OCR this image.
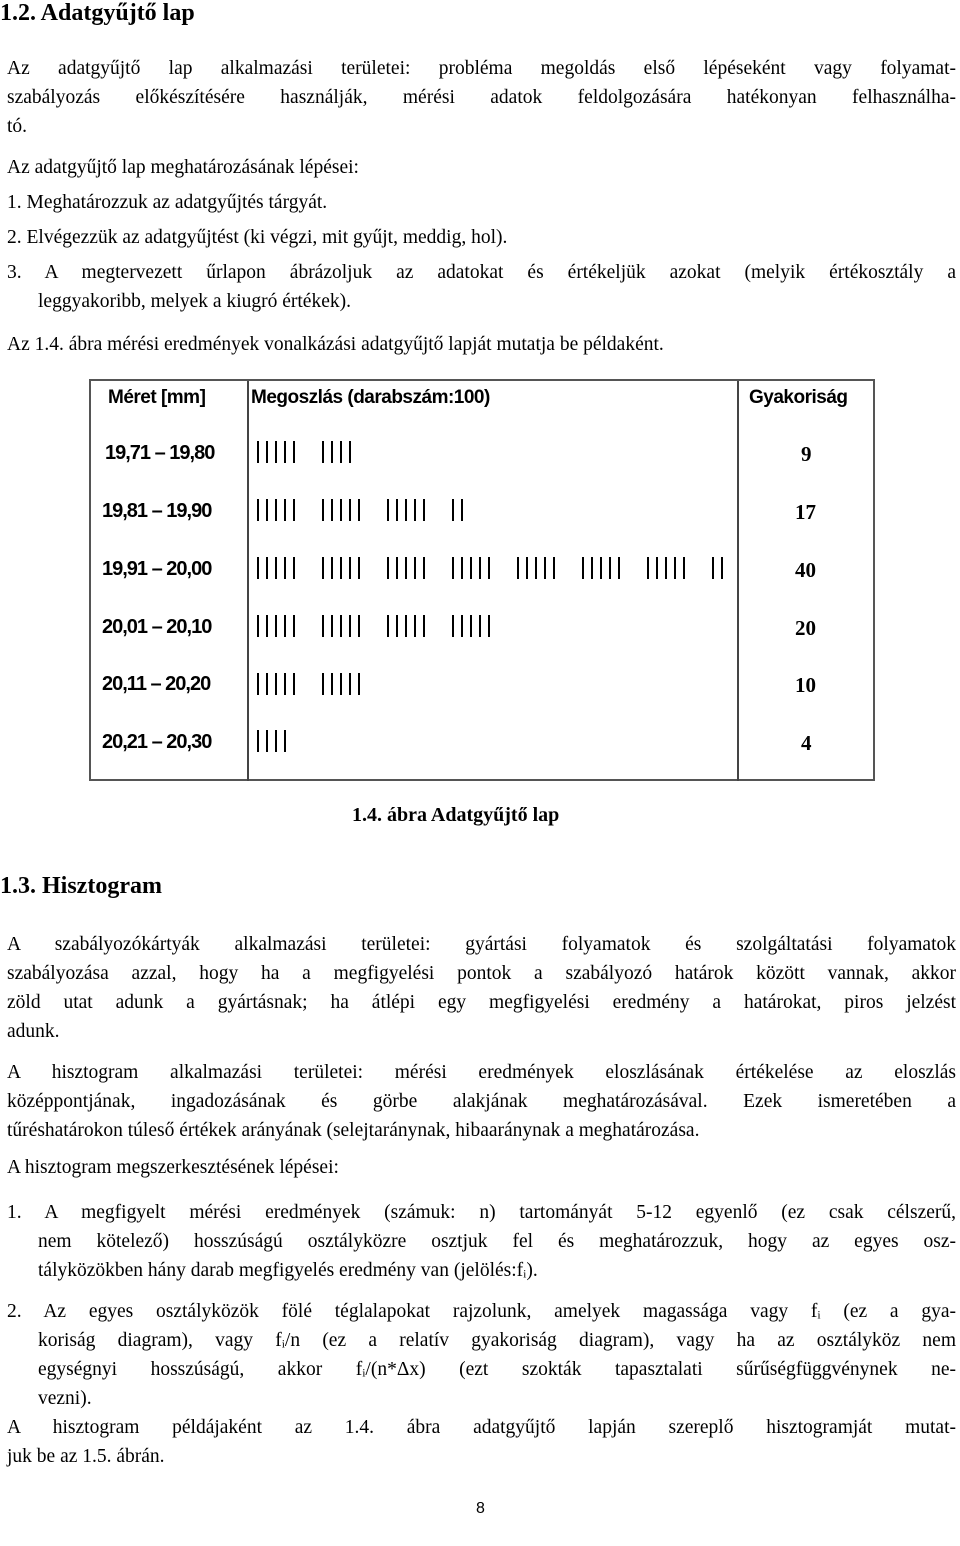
1.2. Adatgyűjtő lap
Az adatgyűjtő lap alkalmazási területei: probléma megoldás első lépéseként vagy folyamat-
szabályozás előkészítésére használják, mérési adatok feldolgozására hatékonyan felhasználha-
tó.
Az adatgyűjtő lap meghatározásának lépései:
1. Meghatározzuk az adatgyűjtés tárgyát.
2. Elvégezzük az adatgyűjtést (ki végzi, mit gyűjt, meddig, hol).
3. A megtervezett űrlapon ábrázoljuk az adatokat és értékeljük azokat (melyik értékosztály a
leggyakoribb, melyek a kiugró értékek).
Az 1.4. ábra mérési eredmények vonalkázási adatgyűjtő lapját mutatja be példaként.
Méret [mm] Megoszlás (darabszám:100)	Gyakoriság
19,71 – 19,80
19,81 – 19,90
19,91 – 20,00
20,01 – 20,10
20,11 – 20,20
20,21 – 20,30
9
17
40
20
10
4
1.4. ábra Adatgyűjtő lap
1.3. Hisztogram
A szabályozókártyák alkalmazási területei: gyártási folyamatok és szolgáltatási folyamatok
szabályozása azzal, hogy ha a megfigyelési pontok a szabályozó határok között vannak, akkor
zöld utat adunk a gyártásnak; ha átlépi egy megfigyelési eredmény a határokat, piros jelzést
adunk.
A hisztogram alkalmazási területei: mérési eredmények eloszlásának értékelése az eloszlás
középpontjának, ingadozásának és görbe alakjának meghatározásával. Ezek ismeretében a
tűréshatárokon túleső értékek arányának (selejtaránynak, hibaaránynak a meghatározása.
A hisztogram megszerkesztésének lépései:
1. A megfigyelt mérési eredmények (számuk: n) tartományát 5-12 egyenlő (ez csak célszerű,
nem kötelező) hosszúságú osztályközre osztjuk fel és meghatározzuk, hogy az egyes osz-
tályközökben hány darab megfigyelés eredmény van (jelölés:fᵢ).
2. Az egyes osztályközök fölé téglalapokat rajzolunk, amelyek magassága vagy fᵢ (ez a gya-
koriság diagram), vagy fᵢ/n (ez a relatív gyakoriság diagram), vagy ha az osztályköz nem
egységnyi hosszúságú, akkor fᵢ/(n*Δx) (ezt szokták tapasztalati sűrűségfüggvénynek ne-
vezni).
A hisztogram példájaként az 1.4. ábra adatgyűjtő lapján szereplő hisztogramját mutat-
juk be az 1.5. ábrán.
8
